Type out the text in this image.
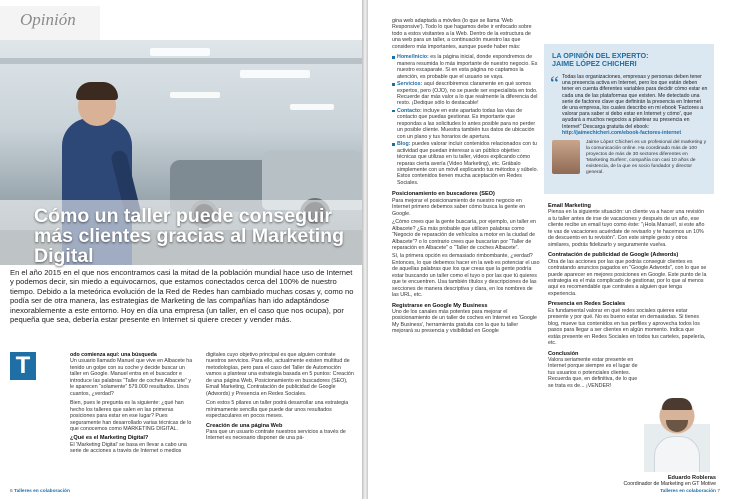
Opinión
Cómo un taller puede conseguir más clientes gracias al Marketing Digital

En el año 2015 en el que nos encontramos casi la mitad de la población mundial hace uso de Internet y podemos decir, sin miedo a equivocarnos, que estamos conectados cerca del 100% de nuestro tiempo. Debido a la meteórica evolución de la Red de Redes han cambiado muchas cosas y, como no podía ser de otra manera, las estrategias de Marketing de las compañías han ido adaptándose inexorablemente a este entorno. Hoy en día una empresa (un taller, en el caso que nos ocupa), por pequeña que sea, debería estar presente en Internet si quiere crecer y vender más.

T	odo comienza aquí: una búsqueda
Un usuario llamado Manuel que vive en Albacete ha tenido un golpe con su coche y decide buscar un taller en Google. Manuel entra en el buscador e introduce las palabras “Taller de coches Albacete” y le aparecen “solamente” 579.000 resultados. Unos cuantos, ¿verdad?

Bien, pues le pregunta es la siguiente: ¿qué han hecho los talleres que salen en las primeras posiciones para estar en ese lugar? Pues seguramente han desarrollado varias técnicas de lo que conocemos como MARKETING DIGITAL.

¿Qué es el Marketing Digital?

El 'Marketing Digital' se basa en llevar a cabo una serie de acciones a través de Internet o medios

digitales cuyo objetivo principal es que alguien contrate nuestros servicios. Para ello, actualmente existen multitud de metodologías, pero para el caso del Taller de Automoción vamos a plantear una estrategia basada en 5 puntos: Creación de una página Web, Posicionamiento en buscadores (SEO), Email Marketing, Contratación de publicidad de Google (Adwords) y Presencia en Redes Sociales.

Con estos 5 pilares un taller podrá desarrollar una estrategia mínimamente sencilla que puede dar unos resultados espectaculares en pocos meses.

Creación de una página Web

Para que un usuario contrate nuestros servicios a través de Internet es necesario disponer de una pá-

6 Talleres en colaboración

gina web adaptada a móviles (lo que se llama 'Web Responsive'). Todo lo que hagamos debe ir enfocado sobre todo a estos visitantes a la Web. Dentro de la estructura de una web para un taller, a continuación muestro las que considero más importantes, aunque puede haber más:

Home/Inicio: es la página inicial, donde expondremos de manera resumida lo más importante de nuestro negocio. Es nuestro escaparate. Si en esta página no captamos la atención, es probable que el usuario se vaya.
Servicios: aquí describiremos claramente en qué somos expertos, pero (OJO), no se puede ser especialista en todo. Recuerde dar más valor a lo que realmente la diferencia del resto. ¡Dedique sólo lo destacable!
Contacto: incluye en este apartado todas las vías de contacto que puedas gestionar. Es importante que respondas a las solicitudes lo antes posible para no perder un posible cliente. Muestra también tus datos de ubicación con un plano y tus horarios de apertura.
Blog: puedes valorar incluir contenidos relacionados con tu actividad que puedan interesar a un público objetivo: técnicas que utilizas en tu taller, vídeos explicando cómo reparas cierta avería (Video Marketing), etc. Grábalo simplemente con un móvil explicando tus métodos y súbelo. Estos contenidos tienen mucha aceptación en Redes Sociales.
Posicionamiento en buscadores (SEO)

Para mejorar el posicionamiento de nuestro negocio en Internet primero debemos saber cómo busca la gente en Google.

¿Cómo crees que la gente buscaría, por ejemplo, un taller en Albacete? ¿Es más probable que utilicen palabras como “Negocio de reparación de vehículos a motor en la ciudad de Albacete”? o lo contrario crees que buscarían por “Taller de reparación en Albacete” o “Taller de coches Albacete”.

Sí, la primera opción es demasiado rimbombante, ¿verdad? Entonces, lo que debemos hacer en la web es potenciar el uso de aquellas palabras que los que creas que la gente podría estar buscando un taller como el tuyo o por las que tú quieres que te encuentren. Usa también títulos y descripciones de las secciones de manera descriptiva y clara, en los nombres de las URL, etc.

Registrarse en Google My Business

Uno de los canales más potentes para mejorar el posicionamiento de un taller de coches en Internet es 'Google My Business', herramienta gratuita con la que tu taller mejorará su presencia y visibilidad en Google

LA OPINIÓN DEL EXPERTO:
JAIME LÓPEZ CHICHERI
“ Todas las organizaciones, empresas y personas deben tener una presencia activa en Internet, pero los que están deben tener en cuenta diferentes variables para decidir cómo estar en cada una de las plataformas que existen. Me detectado una serie de factores clave que definirán la presencia en Internet de una empresa, los cuales describo en mi ebook 'Factores a valorar para saber si debo estar en Internet y cómo', que ayudará a muchos negocios a plantear su presencia en Internet" Descarga gratuita del ebook:

http://jaimechicheri.com/ebook-factores-internet

Jaime López Chicheri es un profesional del marketing y la comunicación online. Ha coordinado más de 100 proyectos de más de 30 sectores diferentes en 'Marketing Surfers', compañía con casi 10 años de existencia, de la que es socio fundador y director general.

Email Marketing

Piensa en la siguiente situación: un cliente va a hacer una revisión a tu taller antes de irse de vacaciones y después de un año, ese cliente recibe un email tuyo como éste: "¡Hola Manuel!, si este año te vas de vacaciones acuérdate de revisarlo y te hacemos un 10% de descuento en tu revisión". Con este simple gesto y otros similares, podrás fidelizarlo y seguramente vuelva.

Contratación de publicidad de Google (Adwords)

Otra de las acciones por las que podrás conseguir clientes es contratando anuncios pagados en "Google Adwords", con lo que se puede aparecer en mejores posiciones en Google. Este punto de la estrategia es el más complicado de gestionar, por lo que al menos aquí es recomendable que contrates a alguien que tenga experiencia.

Presencia en Redes Sociales

Es fundamental valorar en qué redes sociales quieres estar presente y por qué. No es bueno estar en demasiadas. Si tienes blog, mueve tus contenidos en tus perfiles y aprovecha todos los pasos para llegar a ser clientes en algún momento. Indica que estás presente en Redes Sociales en todos tus carteles, papelería, etc.

Conclusión

Valora seriamente estar presente en Internet porque siempre es el lugar de tus usuarios o potenciales clientes. Recuerda que, en definitiva, de lo que se trata es de... ¡VENDER!

Eduardo Robleras
Coordinador de Marketing en GT Motive
Talleres en colaboración 7
